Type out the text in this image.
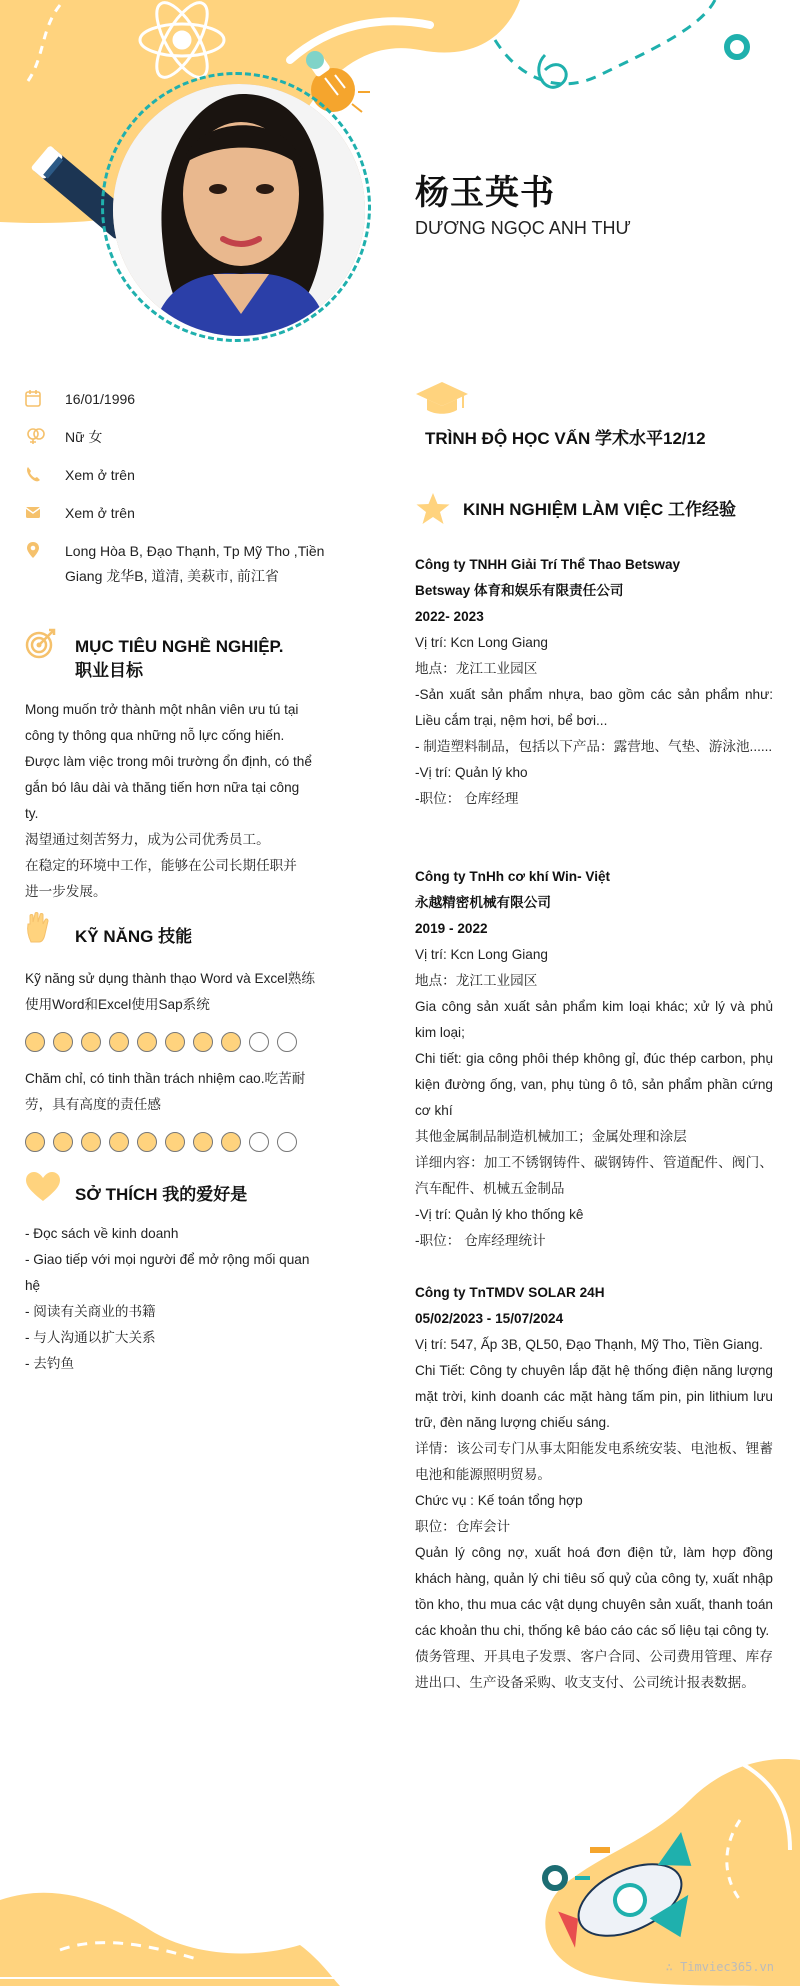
杨玉英书
DƯƠNG NGỌC ANH THƯ
16/01/1996
Nữ 女
Xem ở trên
Xem ở trên
Long Hòa B, Đạo Thạnh, Tp Mỹ Tho ,Tiền
Giang 龙华B, 道清, 美萩市, 前江省
MỤC TIÊU NGHỀ NGHIỆP.
职业目标
Mong muốn trở thành một nhân viên ưu tú tại
công ty thông qua những nỗ lực cống hiến.
Được làm việc trong môi trường ổn định, có thể
gắn bó lâu dài và thăng tiến hơn nữa tại công
ty.
渴望通过刻苦努力，成为公司优秀员工。
在稳定的环境中工作，能够在公司长期任职并
进一步发展。
KỸ NĂNG 技能
Kỹ năng sử dụng thành thạo Word và Excel熟练
使用Word和Excel使用Sap系统
Chăm chỉ, có tinh thần trách nhiệm cao.吃苦耐
劳，具有高度的责任感
SỞ THÍCH 我的爱好是
- Đọc sách về kinh doanh
- Giao tiếp với mọi người để mở rộng mối quan
hệ
- 阅读有关商业的书籍
- 与人沟通以扩大关系
- 去钓鱼
TRÌNH ĐỘ HỌC VẤN 学术水平12/12
KINH NGHIỆM LÀM VIỆC 工作经验
Công ty TNHH Giải Trí Thể Thao Betsway
Betsway 体育和娱乐有限责任公司
2022- 2023
Vị trí: Kcn Long Giang
地点：龙江工业园区
-Sản xuất sản phẩm nhựa, bao gồm các sản phẩm như: Liều cắm trại, nệm hơi, bể bơi...
- 制造塑料制品，包括以下产品：露营地、气垫、游泳池......
-Vị trí: Quản lý kho
-职位： 仓库经理
Công ty TnHh cơ khí Win- Việt
永越精密机械有限公司
2019 - 2022
Vị trí: Kcn Long Giang
地点：龙江工业园区
Gia công sản xuất sản phẩm kim loại khác; xử lý và phủ kim loại;
Chi tiết: gia công phôi thép không gỉ, đúc thép carbon, phụ kiện đường ống, van, phụ tùng ô tô, sản phẩm phần cứng cơ khí
其他金属制品制造机械加工；金属处理和涂层
详细内容：加工不锈钢铸件、碳钢铸件、管道配件、阀门、汽车配件、机械五金制品
-Vị trí: Quản lý kho thống kê
-职位： 仓库经理统计
Công ty TnTMDV SOLAR 24H
05/02/2023 - 15/07/2024
Vị trí: 547, Ấp 3B, QL50, Đạo Thạnh, Mỹ Tho, Tiền Giang.
Chi Tiết: Công ty chuyên lắp đặt hệ thống điện năng lượng mặt trời, kinh doanh các mặt hàng tấm pin, pin lithium lưu trữ, đèn năng lượng chiếu sáng.
详情：该公司专门从事太阳能发电系统安装、电池板、锂蓄电池和能源照明贸易。
Chức vụ : Kế toán tổng hợp
职位：仓库会计
Quản lý công nợ, xuất hoá đơn điện tử, làm hợp đồng khách hàng, quản lý chi tiêu số quỷ của công ty, xuất nhập tồn kho, thu mua các vật dụng chuyên sản xuất, thanh toán các khoản thu chi, thống kê báo cáo các số liệu tại công ty.
债务管理、开具电子发票、客户合同、公司费用管理、库存进出口、生产设备采购、收支支付、公司统计报表数据。
∴ Timviec365.vn
